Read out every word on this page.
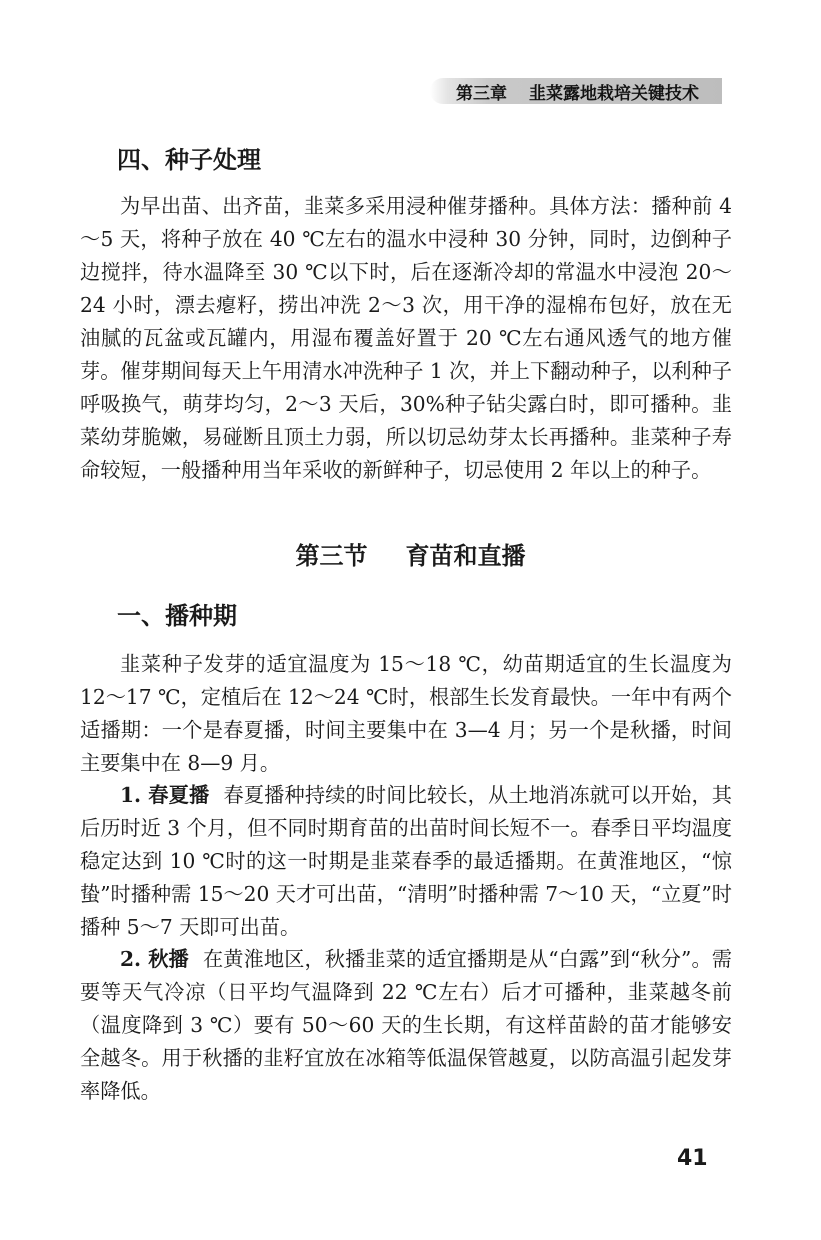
第三章 韭菜露地栽培关键技术
四、种子处理

为早出苗、出齐苗，韭菜多采用浸种催芽播种。具体方法：播种前 4～5 天，将种子放在 40 ℃左右的温水中浸种 30 分钟，同时，边倒种子边搅拌，待水温降至 30 ℃以下时，后在逐渐冷却的常温水中浸泡 20～24 小时，漂去瘪籽，捞出冲洗 2～3 次，用干净的湿棉布包好，放在无油腻的瓦盆或瓦罐内，用湿布覆盖好置于 20 ℃左右通风透气的地方催芽。催芽期间每天上午用清水冲洗种子 1 次，并上下翻动种子，以利种子呼吸换气，萌芽均匀，2～3 天后，30%种子钻尖露白时，即可播种。韭菜幼芽脆嫩，易碰断且顶土力弱，所以切忌幼芽太长再播种。韭菜种子寿命较短，一般播种用当年采收的新鲜种子，切忌使用 2 年以上的种子。

第三节 育苗和直播
一、播种期

韭菜种子发芽的适宜温度为 15～18 ℃，幼苗期适宜的生长温度为 12～17 ℃，定植后在 12～24 ℃时，根部生长发育最快。一年中有两个适播期：一个是春夏播，时间主要集中在 3—4 月；另一个是秋播，时间主要集中在 8—9 月。

1. 春夏播 春夏播种持续的时间比较长，从土地消冻就可以开始，其后历时近 3 个月，但不同时期育苗的出苗时间长短不一。春季日平均温度稳定达到 10 ℃时的这一时期是韭菜春季的最适播期。在黄淮地区，“惊蛰”时播种需 15～20 天才可出苗，“清明”时播种需 7～10 天，“立夏”时播种 5～7 天即可出苗。

2. 秋播 在黄淮地区，秋播韭菜的适宜播期是从“白露”到“秋分”。需要等天气冷凉（日平均气温降到 22 ℃左右）后才可播种，韭菜越冬前（温度降到 3 ℃）要有 50～60 天的生长期，有这样苗龄的苗才能够安全越冬。用于秋播的韭籽宜放在冰箱等低温保管越夏，以防高温引起发芽率降低。

41
